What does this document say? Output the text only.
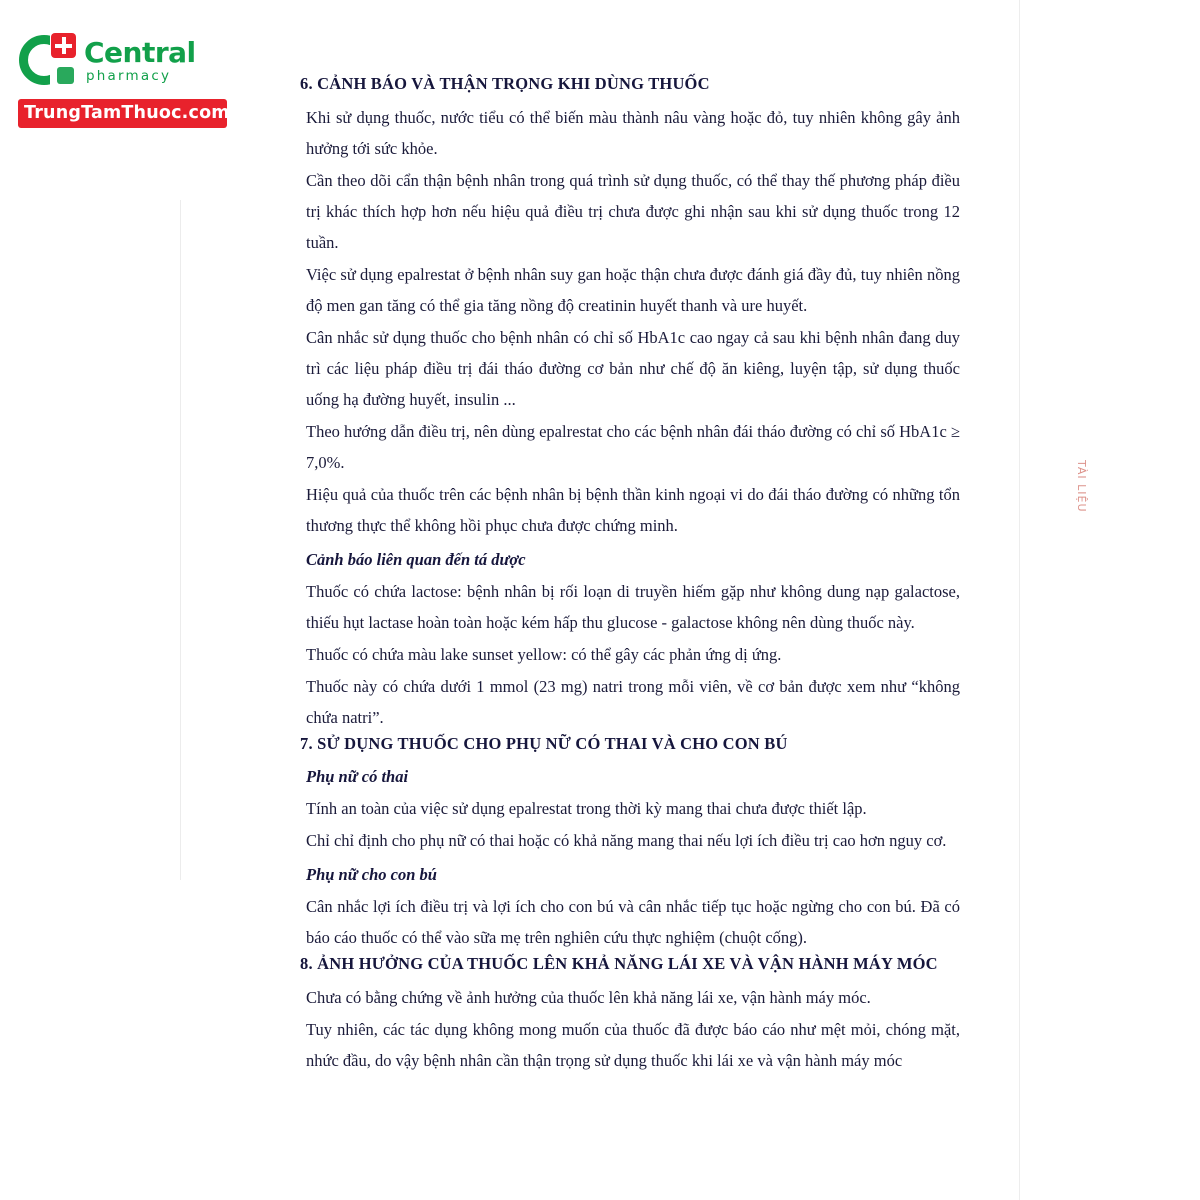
Central
pharmacy
TrungTamThuoc.com
TÀI LIỆU
6. CẢNH BÁO VÀ THẬN TRỌNG KHI DÙNG THUỐC

Khi sử dụng thuốc, nước tiểu có thể biến màu thành nâu vàng hoặc đỏ, tuy nhiên không gây ảnh hưởng tới sức khỏe.

Cần theo dõi cẩn thận bệnh nhân trong quá trình sử dụng thuốc, có thể thay thế phương pháp điều trị khác thích hợp hơn nếu hiệu quả điều trị chưa được ghi nhận sau khi sử dụng thuốc trong 12 tuần.

Việc sử dụng epalrestat ở bệnh nhân suy gan hoặc thận chưa được đánh giá đầy đủ, tuy nhiên nồng độ men gan tăng có thể gia tăng nồng độ creatinin huyết thanh và ure huyết.

Cân nhắc sử dụng thuốc cho bệnh nhân có chỉ số HbA1c cao ngay cả sau khi bệnh nhân đang duy trì các liệu pháp điều trị đái tháo đường cơ bản như chế độ ăn kiêng, luyện tập, sử dụng thuốc uống hạ đường huyết, insulin ...

Theo hướng dẫn điều trị, nên dùng epalrestat cho các bệnh nhân đái tháo đường có chỉ số HbA1c ≥ 7,0%.

Hiệu quả của thuốc trên các bệnh nhân bị bệnh thần kinh ngoại vi do đái tháo đường có những tổn thương thực thể không hồi phục chưa được chứng minh.

Cảnh báo liên quan đến tá dược

Thuốc có chứa lactose: bệnh nhân bị rối loạn di truyền hiếm gặp như không dung nạp galactose, thiếu hụt lactase hoàn toàn hoặc kém hấp thu glucose - galactose không nên dùng thuốc này.

Thuốc có chứa màu lake sunset yellow: có thể gây các phản ứng dị ứng.

Thuốc này có chứa dưới 1 mmol (23 mg) natri trong mỗi viên, về cơ bản được xem như “không chứa natri”.

7. SỬ DỤNG THUỐC CHO PHỤ NỮ CÓ THAI VÀ CHO CON BÚ

Phụ nữ có thai

Tính an toàn của việc sử dụng epalrestat trong thời kỳ mang thai chưa được thiết lập.

Chỉ chỉ định cho phụ nữ có thai hoặc có khả năng mang thai nếu lợi ích điều trị cao hơn nguy cơ.

Phụ nữ cho con bú

Cân nhắc lợi ích điều trị và lợi ích cho con bú và cân nhắc tiếp tục hoặc ngừng cho con bú. Đã có báo cáo thuốc có thể vào sữa mẹ trên nghiên cứu thực nghiệm (chuột cống).

8. ẢNH HƯỞNG CỦA THUỐC LÊN KHẢ NĂNG LÁI XE VÀ VẬN HÀNH MÁY MÓC

Chưa có bằng chứng về ảnh hưởng của thuốc lên khả năng lái xe, vận hành máy móc.

Tuy nhiên, các tác dụng không mong muốn của thuốc đã được báo cáo như mệt mỏi, chóng mặt, nhức đầu, do vậy bệnh nhân cần thận trọng sử dụng thuốc khi lái xe và vận hành máy móc
